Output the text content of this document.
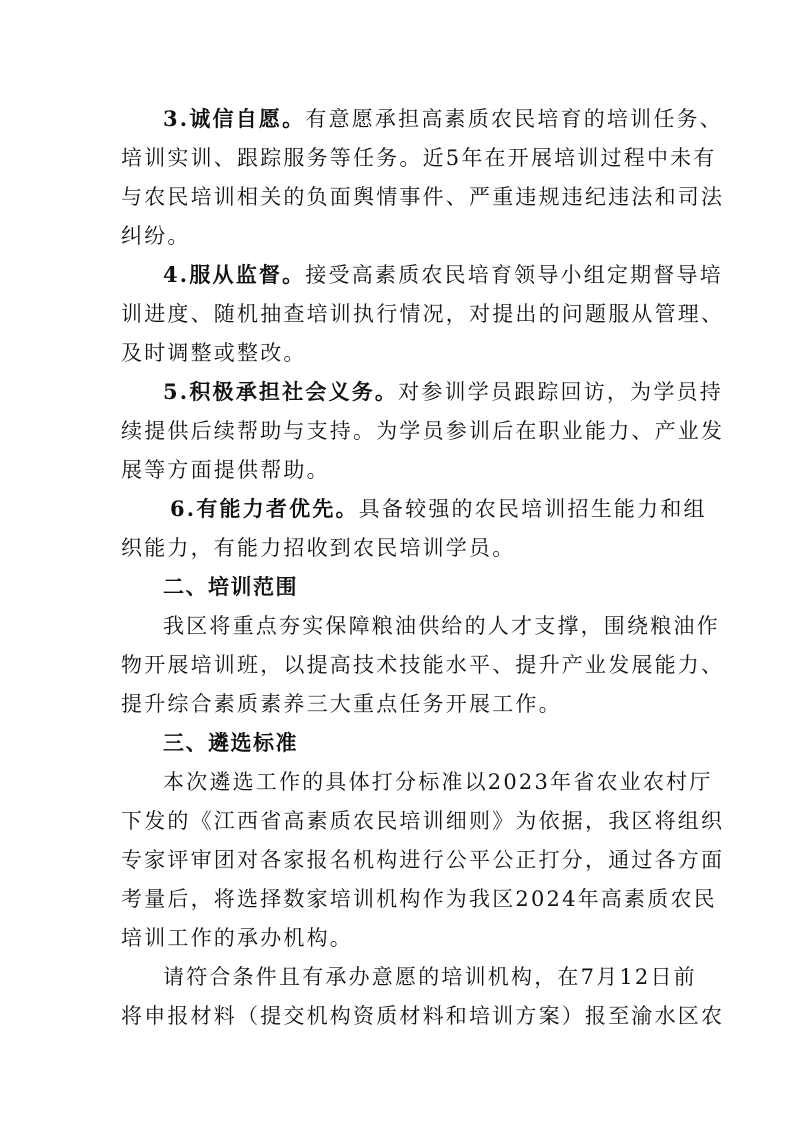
3.诚信自愿。有意愿承担高素质农民培育的培训任务、
培训实训、跟踪服务等任务。近5年在开展培训过程中未有
与农民培训相关的负面舆情事件、严重违规违纪违法和司法
纠纷。
4.服从监督。接受高素质农民培育领导小组定期督导培
训进度、随机抽查培训执行情况，对提出的问题服从管理、
及时调整或整改。
5.积极承担社会义务。对参训学员跟踪回访，为学员持
续提供后续帮助与支持。为学员参训后在职业能力、产业发
展等方面提供帮助。
6.有能力者优先。具备较强的农民培训招生能力和组
织能力，有能力招收到农民培训学员。
二、培训范围
我区将重点夯实保障粮油供给的人才支撑，围绕粮油作
物开展培训班，以提高技术技能水平、提升产业发展能力、
提升综合素质素养三大重点任务开展工作。
三、遴选标准
本次遴选工作的具体打分标准以2023年省农业农村厅
下发的《江西省高素质农民培训细则》为依据，我区将组织
专家评审团对各家报名机构进行公平公正打分，通过各方面
考量后，将选择数家培训机构作为我区2024年高素质农民
培训工作的承办机构。
请符合条件且有承办意愿的培训机构，在7月12日前
将申报材料（提交机构资质材料和培训方案）报至渝水区农
